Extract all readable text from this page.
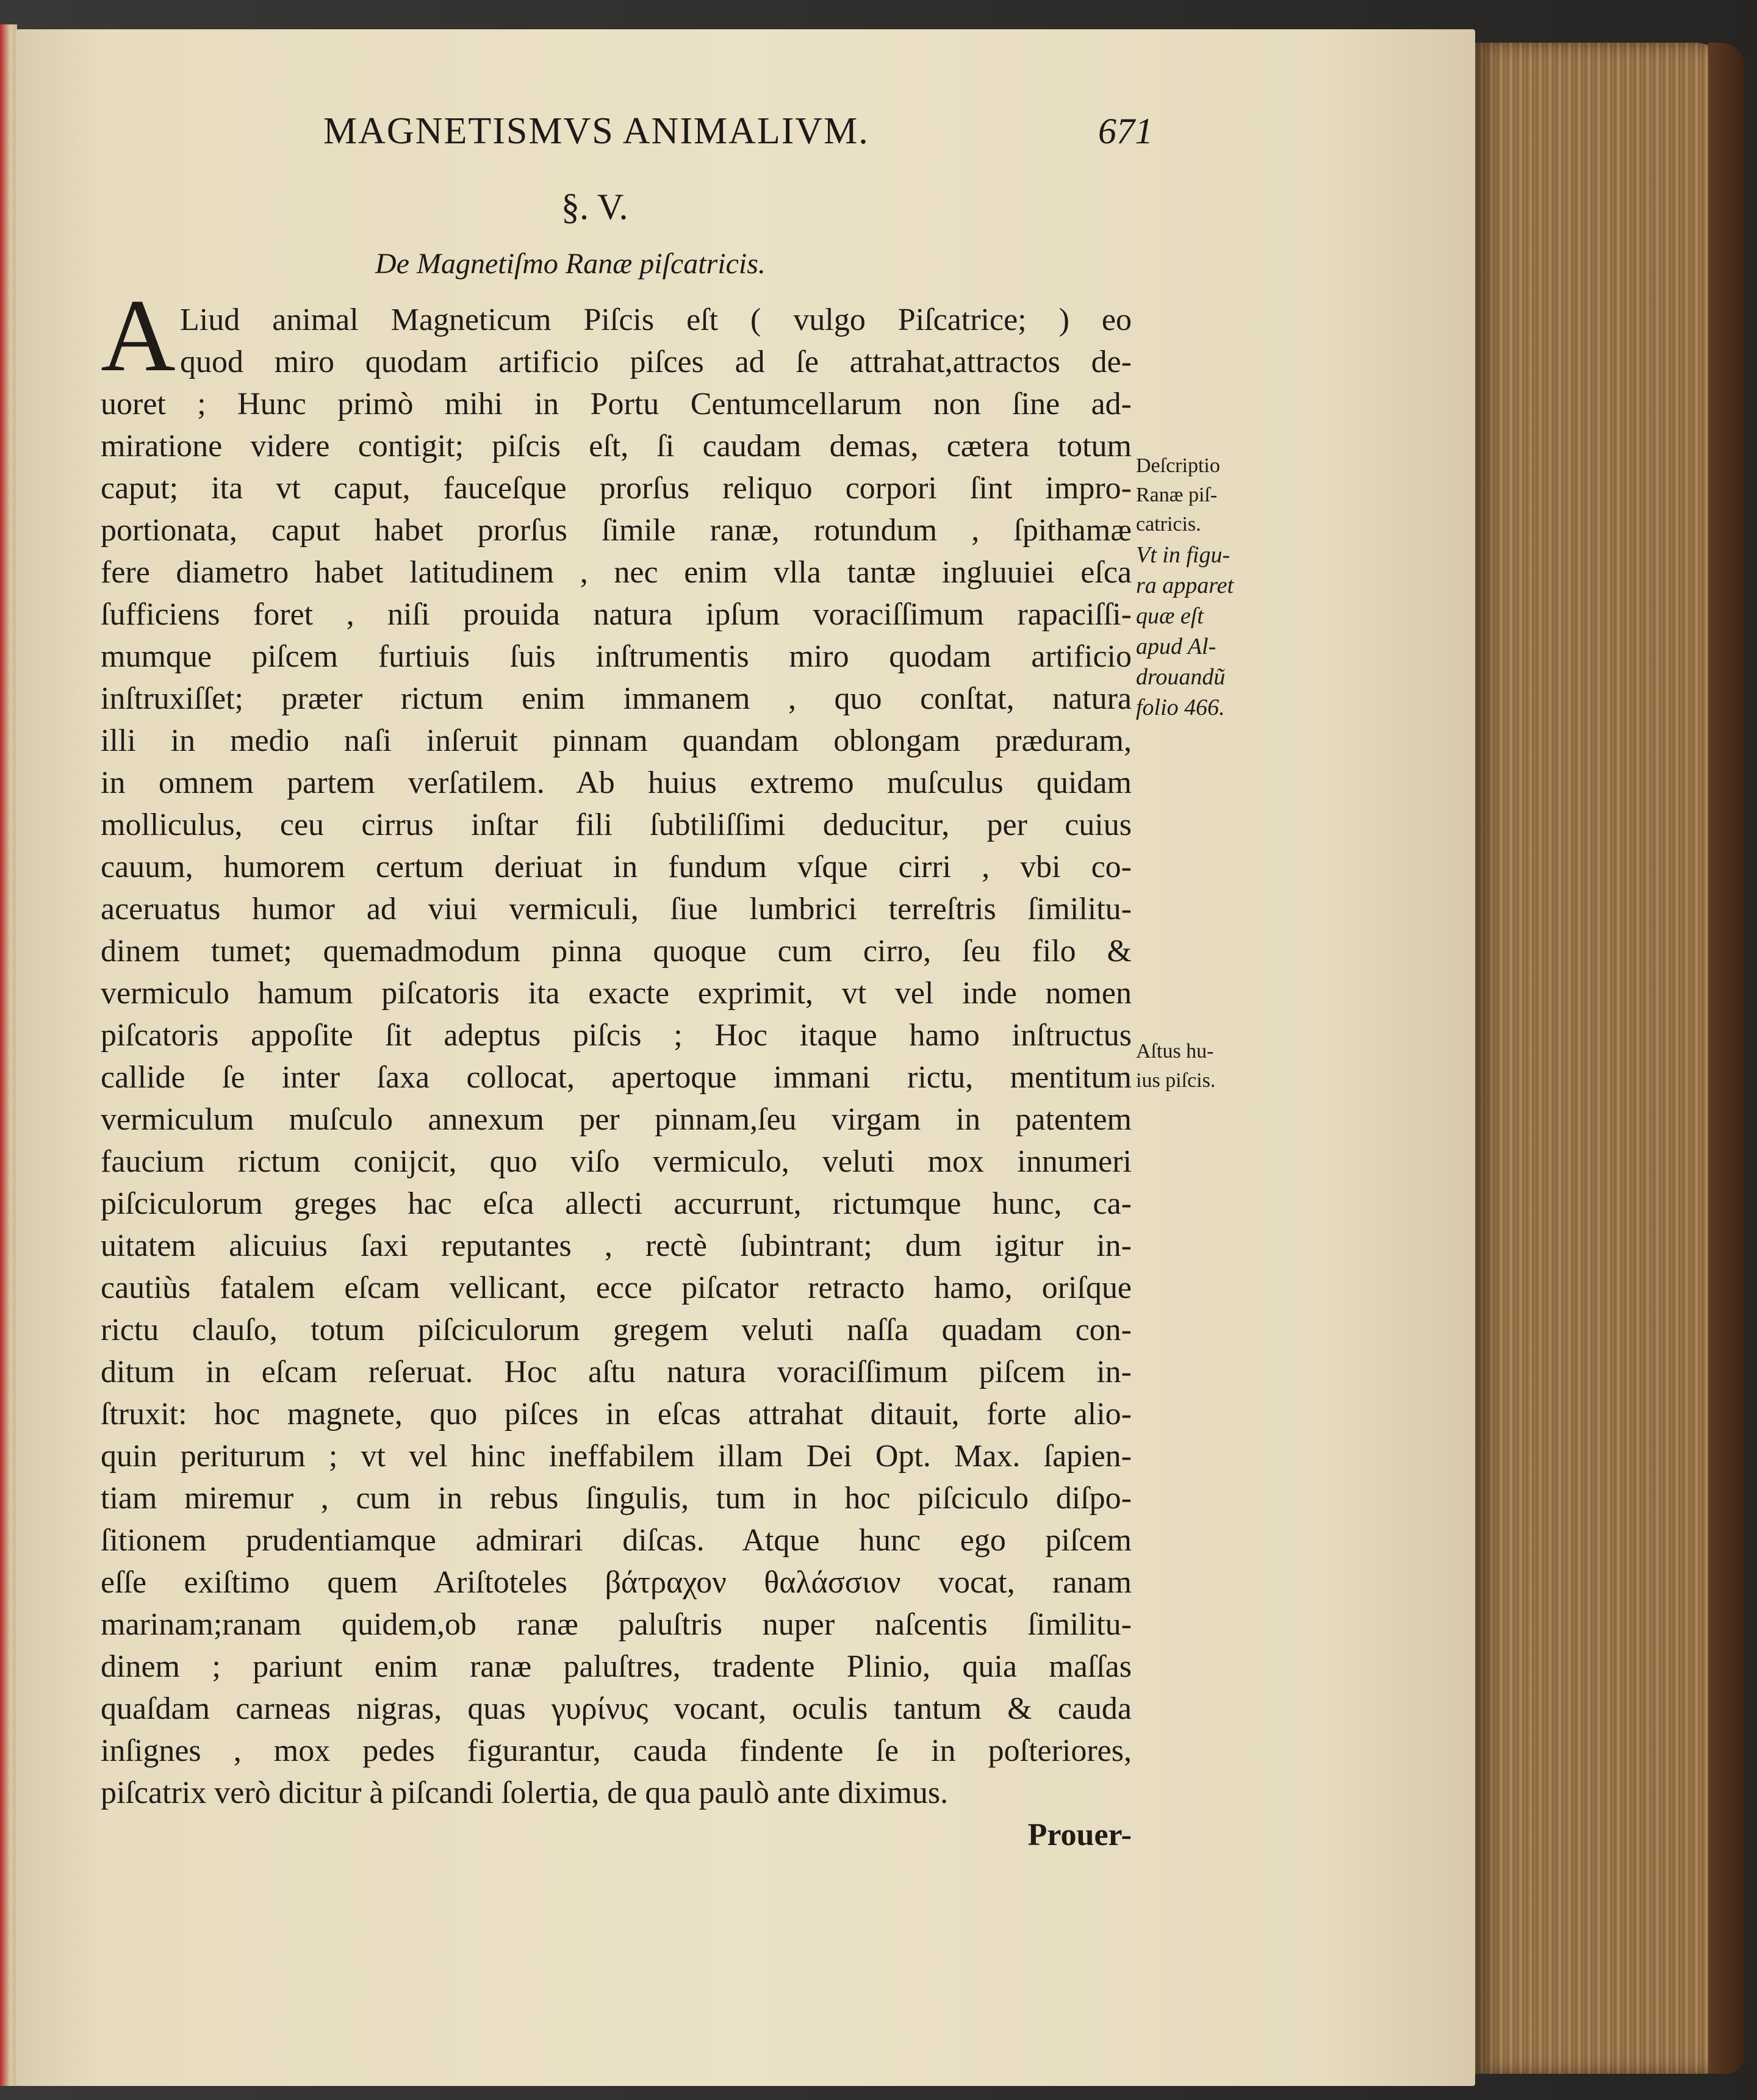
MAGNETISMVS ANIMALIVM.	671
§. V.
De Magnetiſmo Ranæ piſcatricis.
A Liud animal Magneticum Piſcis eſt ( vulgo Piſcatrice; ) eo
quod miro quodam artificio piſces ad ſe attrahat,attractos de-
uoret ; Hunc primò mihi in Portu Centumcellarum non ſine ad-
miratione videre contigit; piſcis eſt, ſi caudam demas, cætera totum
caput; ita vt caput, fauceſque prorſus reliquo corpori ſint impro-
portionata, caput habet prorſus ſimile ranæ, rotundum , ſpithamæ
fere diametro habet latitudinem , nec enim vlla tantæ ingluuiei eſca
ſufficiens foret , niſi prouida natura ipſum voraciſſimum rapaciſſi-
mumque piſcem furtiuis ſuis inſtrumentis miro quodam artificio
inſtruxiſſet; præter rictum enim immanem , quo conſtat, natura
illi in medio naſi inſeruit pinnam quandam oblongam præduram,
in omnem partem verſatilem. Ab huius extremo muſculus quidam
molliculus, ceu cirrus inſtar fili ſubtiliſſimi deducitur, per cuius
cauum, humorem certum deriuat in fundum vſque cirri , vbi co-
aceruatus humor ad viui vermiculi, ſiue lumbrici terreſtris ſimilitu-
dinem tumet; quemadmodum pinna quoque cum cirro, ſeu filo &
vermiculo hamum piſcatoris ita exacte exprimit, vt vel inde nomen
piſcatoris appoſite ſit adeptus piſcis ; Hoc itaque hamo inſtructus
callide ſe inter ſaxa collocat, apertoque immani rictu, mentitum
vermiculum muſculo annexum per pinnam,ſeu virgam in patentem
faucium rictum conijcit, quo viſo vermiculo, veluti mox innumeri
piſciculorum greges hac eſca allecti accurrunt, rictumque hunc, ca-
uitatem alicuius ſaxi reputantes , rectè ſubintrant; dum igitur in-
cautiùs fatalem eſcam vellicant, ecce piſcator retracto hamo, oriſque
rictu clauſo, totum piſciculorum gregem veluti naſſa quadam con-
ditum in eſcam reſeruat. Hoc aſtu natura voraciſſimum piſcem in-
ſtruxit: hoc magnete, quo piſces in eſcas attrahat ditauit, forte alio-
quin periturum ; vt vel hinc ineffabilem illam Dei Opt. Max. ſapien-
tiam miremur , cum in rebus ſingulis, tum in hoc piſciculo diſpo-
ſitionem prudentiamque admirari diſcas. Atque hunc ego piſcem
eſſe exiſtimo quem Ariſtoteles βάτραχον θαλάσσιον vocat, ranam
marinam;ranam quidem,ob ranæ paluſtris nuper naſcentis ſimilitu-
dinem ; pariunt enim ranæ paluſtres, tradente Plinio, quia maſſas
quaſdam carneas nigras, quas γυρίνυς vocant, oculis tantum & cauda
inſignes , mox pedes figurantur, cauda findente ſe in poſteriores,
piſcatrix verò dicitur à piſcandi ſolertia, de qua paulò ante diximus.
Prouer-
Deſcriptio
Ranæ piſ-
catricis.
Vt in figu-
ra apparet
quæ eſt
apud Al-
drouandũ
folio 466.
Aſtus hu-
ius piſcis.
